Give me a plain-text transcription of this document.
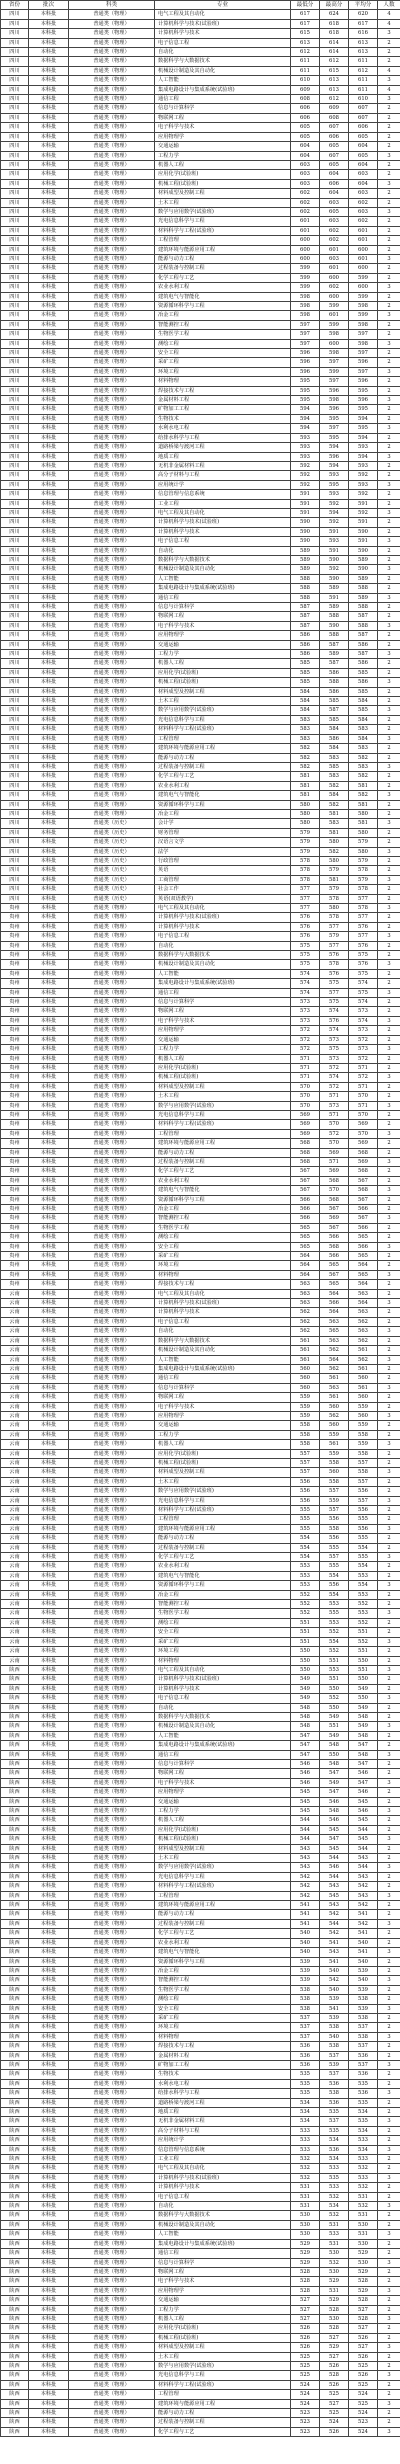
省份	批次	科类	专业	最低分	最高分	平均分	人数
四川	本科批	普通类（物理）	电气工程及其自动化	617	624	620	4
四川	本科批	普通类（物理）	计算机科学与技术(试验班)	617	618	617	4
四川	本科批	普通类（物理）	计算机科学与技术	615	618	616	3
四川	本科批	普通类（物理）	电子信息工程	613	614	613	2
四川	本科批	普通类（物理）	自动化	612	614	613	2
四川	本科批	普通类（物理）	数据科学与大数据技术	611	612	611	2
四川	本科批	普通类（物理）	机械设计制造及其自动化	611	615	612	4
四川	本科批	普通类（物理）	人工智能	610	613	611	3
四川	本科批	普通类（物理）	集成电路设计与集成系统(试验班)	609	613	611	4
四川	本科批	普通类（物理）	通信工程	608	612	610	3
四川	本科批	普通类（物理）	信息与计算科学	606	609	607	2
四川	本科批	普通类（物理）	物联网工程	606	608	607	2
四川	本科批	普通类（物理）	电子科学与技术	605	607	606	2
四川	本科批	普通类（物理）	应用物理学	605	606	605	2
四川	本科批	普通类（物理）	交通运输	604	605	604	2
四川	本科批	普通类（物理）	工程力学	604	607	605	3
四川	本科批	普通类（物理）	机器人工程	603	605	604	2
四川	本科批	普通类（物理）	应用化学(试验班)	603	604	603	2
四川	本科批	普通类（物理）	机械工程(试验班)	603	606	604	3
四川	本科批	普通类（物理）	材料成型及控制工程	602	604	603	2
四川	本科批	普通类（物理）	土木工程	602	603	602	2
四川	本科批	普通类（物理）	数学与应用数学(试验班)	602	605	603	3
四川	本科批	普通类（物理）	光电信息科学与工程	601	603	602	2
四川	本科批	普通类（物理）	材料科学与工程(试验班)	601	602	601	2
四川	本科批	普通类（物理）	工程管理	600	602	601	2
四川	本科批	普通类（物理）	建筑环境与能源应用工程	600	601	600	2
四川	本科批	普通类（物理）	能源与动力工程	600	603	601	3
四川	本科批	普通类（物理）	过程装备与控制工程	599	601	600	2
四川	本科批	普通类（物理）	化学工程与工艺	599	600	599	2
四川	本科批	普通类（物理）	农业水利工程	599	602	600	3
四川	本科批	普通类（物理）	建筑电气与智能化	598	600	599	2
四川	本科批	普通类（物理）	资源循环科学与工程	598	599	598	2
四川	本科批	普通类（物理）	冶金工程	598	601	599	3
四川	本科批	普通类（物理）	智能测控工程	597	599	598	2
四川	本科批	普通类（物理）	生物医学工程	597	598	597	2
四川	本科批	普通类（物理）	测绘工程	597	600	598	3
四川	本科批	普通类（物理）	安全工程	596	598	597	2
四川	本科批	普通类（物理）	采矿工程	596	597	596	2
四川	本科批	普通类（物理）	环境工程	596	599	597	3
四川	本科批	普通类（物理）	材料物理	595	597	596	2
四川	本科批	普通类（物理）	焊接技术与工程	595	596	595	2
四川	本科批	普通类（物理）	金属材料工程	595	598	596	3
四川	本科批	普通类（物理）	矿物加工工程	594	596	595	2
四川	本科批	普通类（物理）	生物技术	594	595	594	2
四川	本科批	普通类（物理）	水利水电工程	594	597	595	3
四川	本科批	普通类（物理）	给排水科学与工程	593	595	594	2
四川	本科批	普通类（物理）	道路桥梁与渡河工程	593	594	593	2
四川	本科批	普通类（物理）	地质工程	593	596	594	3
四川	本科批	普通类（物理）	无机非金属材料工程	592	594	593	2
四川	本科批	普通类（物理）	高分子材料与工程	592	593	592	2
四川	本科批	普通类（物理）	应用统计学	592	595	593	3
四川	本科批	普通类（物理）	信息管理与信息系统	591	593	592	2
四川	本科批	普通类（物理）	工业工程	591	592	591	2
四川	本科批	普通类（物理）	电气工程及其自动化	591	594	592	3
四川	本科批	普通类（物理）	计算机科学与技术(试验班)	590	592	591	2
四川	本科批	普通类（物理）	计算机科学与技术	590	591	590	2
四川	本科批	普通类（物理）	电子信息工程	590	593	591	3
四川	本科批	普通类（物理）	自动化	589	591	590	2
四川	本科批	普通类（物理）	数据科学与大数据技术	589	590	589	2
四川	本科批	普通类（物理）	机械设计制造及其自动化	589	592	590	3
四川	本科批	普通类（物理）	人工智能	588	590	589	2
四川	本科批	普通类（物理）	集成电路设计与集成系统(试验班)	588	589	588	2
四川	本科批	普通类（物理）	通信工程	588	591	589	3
四川	本科批	普通类（物理）	信息与计算科学	587	589	588	2
四川	本科批	普通类（物理）	物联网工程	587	588	587	2
四川	本科批	普通类（物理）	电子科学与技术	587	590	588	3
四川	本科批	普通类（物理）	应用物理学	586	588	587	2
四川	本科批	普通类（物理）	交通运输	586	587	586	2
四川	本科批	普通类（物理）	工程力学	586	589	587	3
四川	本科批	普通类（物理）	机器人工程	585	587	586	2
四川	本科批	普通类（物理）	应用化学(试验班)	585	586	585	2
四川	本科批	普通类（物理）	机械工程(试验班)	585	588	586	3
四川	本科批	普通类（物理）	材料成型及控制工程	584	586	585	2
四川	本科批	普通类（物理）	土木工程	584	585	584	2
四川	本科批	普通类（物理）	数学与应用数学(试验班)	584	587	585	3
四川	本科批	普通类（物理）	光电信息科学与工程	583	585	584	2
四川	本科批	普通类（物理）	材料科学与工程(试验班)	583	584	583	2
四川	本科批	普通类（物理）	工程管理	583	586	584	3
四川	本科批	普通类（物理）	建筑环境与能源应用工程	582	584	583	2
四川	本科批	普通类（物理）	能源与动力工程	582	583	582	2
四川	本科批	普通类（物理）	过程装备与控制工程	582	585	583	3
四川	本科批	普通类（物理）	化学工程与工艺	581	583	582	2
四川	本科批	普通类（物理）	农业水利工程	581	582	581	2
四川	本科批	普通类（物理）	建筑电气与智能化	581	584	582	3
四川	本科批	普通类（物理）	资源循环科学与工程	580	582	581	2
四川	本科批	普通类（物理）	冶金工程	580	581	580	2
四川	本科批	普通类（历史）	会计学	580	583	581	3
四川	本科批	普通类（历史）	财务管理	579	581	580	2
四川	本科批	普通类（历史）	汉语言文学	579	580	579	2
四川	本科批	普通类（历史）	法学	579	582	580	3
四川	本科批	普通类（历史）	行政管理	578	580	579	2
四川	本科批	普通类（历史）	英语	578	579	578	2
四川	本科批	普通类（历史）	工商管理	578	581	579	3
四川	本科批	普通类（历史）	社会工作	577	579	578	2
四川	本科批	普通类（历史）	英语(双语教学)	577	578	577	2
贵州	本科批	普通类（物理）	电气工程及其自动化	577	580	578	3
贵州	本科批	普通类（物理）	计算机科学与技术(试验班)	576	578	577	2
贵州	本科批	普通类（物理）	计算机科学与技术	576	577	576	2
贵州	本科批	普通类（物理）	电子信息工程	576	579	577	3
贵州	本科批	普通类（物理）	自动化	575	577	576	2
贵州	本科批	普通类（物理）	数据科学与大数据技术	575	576	575	2
贵州	本科批	普通类（物理）	机械设计制造及其自动化	575	578	576	3
贵州	本科批	普通类（物理）	人工智能	574	576	575	2
贵州	本科批	普通类（物理）	集成电路设计与集成系统(试验班)	574	575	574	2
贵州	本科批	普通类（物理）	通信工程	574	577	575	3
贵州	本科批	普通类（物理）	信息与计算科学	573	575	574	2
贵州	本科批	普通类（物理）	物联网工程	573	574	573	2
贵州	本科批	普通类（物理）	电子科学与技术	573	576	574	3
贵州	本科批	普通类（物理）	应用物理学	572	574	573	2
贵州	本科批	普通类（物理）	交通运输	572	573	572	2
贵州	本科批	普通类（物理）	工程力学	572	575	573	3
贵州	本科批	普通类（物理）	机器人工程	571	573	572	2
贵州	本科批	普通类（物理）	应用化学(试验班)	571	572	571	2
贵州	本科批	普通类（物理）	机械工程(试验班)	571	574	572	3
贵州	本科批	普通类（物理）	材料成型及控制工程	570	572	571	2
贵州	本科批	普通类（物理）	土木工程	570	571	570	2
贵州	本科批	普通类（物理）	数学与应用数学(试验班)	570	573	571	3
贵州	本科批	普通类（物理）	光电信息科学与工程	569	571	570	2
贵州	本科批	普通类（物理）	材料科学与工程(试验班)	569	570	569	2
贵州	本科批	普通类（物理）	工程管理	569	572	570	3
贵州	本科批	普通类（物理）	建筑环境与能源应用工程	568	570	569	2
贵州	本科批	普通类（物理）	能源与动力工程	568	569	568	2
贵州	本科批	普通类（物理）	过程装备与控制工程	568	571	569	3
贵州	本科批	普通类（物理）	化学工程与工艺	567	569	568	2
贵州	本科批	普通类（物理）	农业水利工程	567	568	567	2
贵州	本科批	普通类（物理）	建筑电气与智能化	567	570	568	3
贵州	本科批	普通类（物理）	资源循环科学与工程	566	568	567	2
贵州	本科批	普通类（物理）	冶金工程	566	567	566	2
贵州	本科批	普通类（物理）	智能测控工程	566	569	567	3
贵州	本科批	普通类（物理）	生物医学工程	565	567	566	2
贵州	本科批	普通类（物理）	测绘工程	565	566	565	2
贵州	本科批	普通类（物理）	安全工程	565	568	566	3
贵州	本科批	普通类（物理）	采矿工程	564	566	565	2
贵州	本科批	普通类（物理）	环境工程	564	565	564	2
贵州	本科批	普通类（物理）	材料物理	564	567	565	3
贵州	本科批	普通类（物理）	焊接技术与工程	563	565	564	2
云南	本科批	普通类（物理）	电气工程及其自动化	563	564	563	2
云南	本科批	普通类（物理）	计算机科学与技术(试验班)	563	566	564	3
云南	本科批	普通类（物理）	计算机科学与技术	562	564	563	2
云南	本科批	普通类（物理）	电子信息工程	562	563	562	2
云南	本科批	普通类（物理）	自动化	562	565	563	3
云南	本科批	普通类（物理）	数据科学与大数据技术	561	563	562	2
云南	本科批	普通类（物理）	机械设计制造及其自动化	561	562	561	2
云南	本科批	普通类（物理）	人工智能	561	564	562	3
云南	本科批	普通类（物理）	集成电路设计与集成系统(试验班)	560	562	561	2
云南	本科批	普通类（物理）	通信工程	560	561	560	2
云南	本科批	普通类（物理）	信息与计算科学	560	563	561	3
云南	本科批	普通类（物理）	物联网工程	559	561	560	2
云南	本科批	普通类（物理）	电子科学与技术	559	560	559	2
云南	本科批	普通类（物理）	应用物理学	559	562	560	3
云南	本科批	普通类（物理）	交通运输	558	560	559	2
云南	本科批	普通类（物理）	工程力学	558	559	558	2
云南	本科批	普通类（物理）	机器人工程	558	561	559	3
云南	本科批	普通类（物理）	应用化学(试验班)	557	559	558	2
云南	本科批	普通类（物理）	机械工程(试验班)	557	558	557	2
云南	本科批	普通类（物理）	材料成型及控制工程	557	560	558	3
云南	本科批	普通类（物理）	土木工程	556	558	557	2
云南	本科批	普通类（物理）	数学与应用数学(试验班)	556	557	556	2
云南	本科批	普通类（物理）	光电信息科学与工程	556	559	557	3
云南	本科批	普通类（物理）	材料科学与工程(试验班)	555	557	556	2
云南	本科批	普通类（物理）	工程管理	555	556	555	2
云南	本科批	普通类（物理）	建筑环境与能源应用工程	555	558	556	3
云南	本科批	普通类（物理）	能源与动力工程	554	556	555	2
云南	本科批	普通类（物理）	过程装备与控制工程	554	555	554	2
云南	本科批	普通类（物理）	化学工程与工艺	554	557	555	3
云南	本科批	普通类（物理）	农业水利工程	553	555	554	2
云南	本科批	普通类（物理）	建筑电气与智能化	553	554	553	2
云南	本科批	普通类（物理）	资源循环科学与工程	553	556	554	3
云南	本科批	普通类（物理）	冶金工程	552	554	553	2
云南	本科批	普通类（物理）	智能测控工程	552	553	552	2
云南	本科批	普通类（物理）	生物医学工程	552	555	553	3
云南	本科批	普通类（物理）	测绘工程	551	553	552	2
云南	本科批	普通类（物理）	安全工程	551	552	551	2
云南	本科批	普通类（物理）	采矿工程	551	554	552	3
云南	本科批	普通类（物理）	环境工程	550	552	551	2
云南	本科批	普通类（物理）	材料物理	550	551	550	2
陕西	本科批	普通类（物理）	电气工程及其自动化	550	553	551	3
陕西	本科批	普通类（物理）	计算机科学与技术(试验班)	549	551	550	2
陕西	本科批	普通类（物理）	计算机科学与技术	549	550	549	2
陕西	本科批	普通类（物理）	电子信息工程	549	552	550	3
陕西	本科批	普通类（物理）	自动化	548	550	549	2
陕西	本科批	普通类（物理）	数据科学与大数据技术	548	549	548	2
陕西	本科批	普通类（物理）	机械设计制造及其自动化	548	551	549	3
陕西	本科批	普通类（物理）	人工智能	547	549	548	2
陕西	本科批	普通类（物理）	集成电路设计与集成系统(试验班)	547	548	547	2
陕西	本科批	普通类（物理）	通信工程	547	550	548	3
陕西	本科批	普通类（物理）	信息与计算科学	546	548	547	2
陕西	本科批	普通类（物理）	物联网工程	546	547	546	2
陕西	本科批	普通类（物理）	电子科学与技术	546	549	547	3
陕西	本科批	普通类（物理）	应用物理学	545	547	546	2
陕西	本科批	普通类（物理）	交通运输	545	546	545	2
陕西	本科批	普通类（物理）	工程力学	545	548	546	3
陕西	本科批	普通类（物理）	机器人工程	544	546	545	2
陕西	本科批	普通类（物理）	应用化学(试验班)	544	545	544	2
陕西	本科批	普通类（物理）	机械工程(试验班)	544	547	545	3
陕西	本科批	普通类（物理）	材料成型及控制工程	543	545	544	2
陕西	本科批	普通类（物理）	土木工程	543	544	543	2
陕西	本科批	普通类（物理）	数学与应用数学(试验班)	543	546	544	3
陕西	本科批	普通类（物理）	光电信息科学与工程	542	544	543	2
陕西	本科批	普通类（物理）	材料科学与工程(试验班)	542	543	542	2
陕西	本科批	普通类（物理）	工程管理	542	545	543	3
陕西	本科批	普通类（物理）	建筑环境与能源应用工程	541	543	542	2
陕西	本科批	普通类（物理）	能源与动力工程	541	542	541	2
陕西	本科批	普通类（物理）	过程装备与控制工程	541	544	542	3
陕西	本科批	普通类（物理）	化学工程与工艺	540	542	541	2
陕西	本科批	普通类（物理）	农业水利工程	540	541	540	2
陕西	本科批	普通类（物理）	建筑电气与智能化	540	543	541	3
陕西	本科批	普通类（物理）	资源循环科学与工程	539	541	540	2
陕西	本科批	普通类（物理）	冶金工程	539	540	539	2
陕西	本科批	普通类（物理）	智能测控工程	539	542	540	3
陕西	本科批	普通类（物理）	生物医学工程	538	540	539	2
陕西	本科批	普通类（物理）	测绘工程	538	539	538	2
陕西	本科批	普通类（物理）	安全工程	538	541	539	3
陕西	本科批	普通类（物理）	采矿工程	537	539	538	2
陕西	本科批	普通类（物理）	环境工程	537	538	537	2
陕西	本科批	普通类（物理）	材料物理	537	540	538	3
陕西	本科批	普通类（物理）	焊接技术与工程	536	538	537	2
陕西	本科批	普通类（物理）	金属材料工程	536	537	536	2
陕西	本科批	普通类（物理）	矿物加工工程	536	539	537	3
陕西	本科批	普通类（物理）	生物技术	535	537	536	2
陕西	本科批	普通类（物理）	水利水电工程	535	536	535	2
陕西	本科批	普通类（物理）	给排水科学与工程	535	538	536	3
陕西	本科批	普通类（物理）	道路桥梁与渡河工程	534	536	535	2
陕西	本科批	普通类（物理）	地质工程	534	535	534	2
陕西	本科批	普通类（物理）	无机非金属材料工程	534	537	535	3
陕西	本科批	普通类（物理）	高分子材料与工程	533	535	534	2
陕西	本科批	普通类（物理）	应用统计学	533	534	533	2
陕西	本科批	普通类（物理）	信息管理与信息系统	533	536	534	3
陕西	本科批	普通类（物理）	工业工程	532	534	533	2
陕西	本科批	普通类（物理）	电气工程及其自动化	532	533	532	2
陕西	本科批	普通类（物理）	计算机科学与技术(试验班)	532	535	533	3
陕西	本科批	普通类（物理）	计算机科学与技术	531	533	532	2
陕西	本科批	普通类（物理）	电子信息工程	531	532	531	2
陕西	本科批	普通类（物理）	自动化	531	534	532	3
陕西	本科批	普通类（物理）	数据科学与大数据技术	530	532	531	2
陕西	本科批	普通类（物理）	机械设计制造及其自动化	530	531	530	2
陕西	本科批	普通类（物理）	人工智能	530	533	531	3
陕西	本科批	普通类（物理）	集成电路设计与集成系统(试验班)	529	531	530	2
陕西	本科批	普通类（物理）	通信工程	529	530	529	2
陕西	本科批	普通类（物理）	信息与计算科学	529	532	530	3
陕西	本科批	普通类（物理）	物联网工程	528	530	529	2
陕西	本科批	普通类（物理）	电子科学与技术	528	529	528	2
陕西	本科批	普通类（物理）	应用物理学	528	531	529	3
陕西	本科批	普通类（物理）	交通运输	527	529	528	2
陕西	本科批	普通类（物理）	工程力学	527	528	527	2
陕西	本科批	普通类（物理）	机器人工程	527	530	528	3
陕西	本科批	普通类（物理）	应用化学(试验班)	526	528	527	2
陕西	本科批	普通类（物理）	机械工程(试验班)	526	527	526	2
陕西	本科批	普通类（物理）	材料成型及控制工程	526	529	527	3
陕西	本科批	普通类（物理）	土木工程	525	527	526	2
陕西	本科批	普通类（物理）	数学与应用数学(试验班)	525	526	525	2
陕西	本科批	普通类（物理）	光电信息科学与工程	525	528	526	3
陕西	本科批	普通类（物理）	材料科学与工程(试验班)	524	526	525	2
陕西	本科批	普通类（物理）	工程管理	524	525	524	2
陕西	本科批	普通类（物理）	建筑环境与能源应用工程	524	527	525	3
陕西	本科批	普通类（物理）	能源与动力工程	523	525	524	2
陕西	本科批	普通类（物理）	过程装备与控制工程	523	524	523	2
陕西	本科批	普通类（物理）	化学工程与工艺	523	526	524	3
